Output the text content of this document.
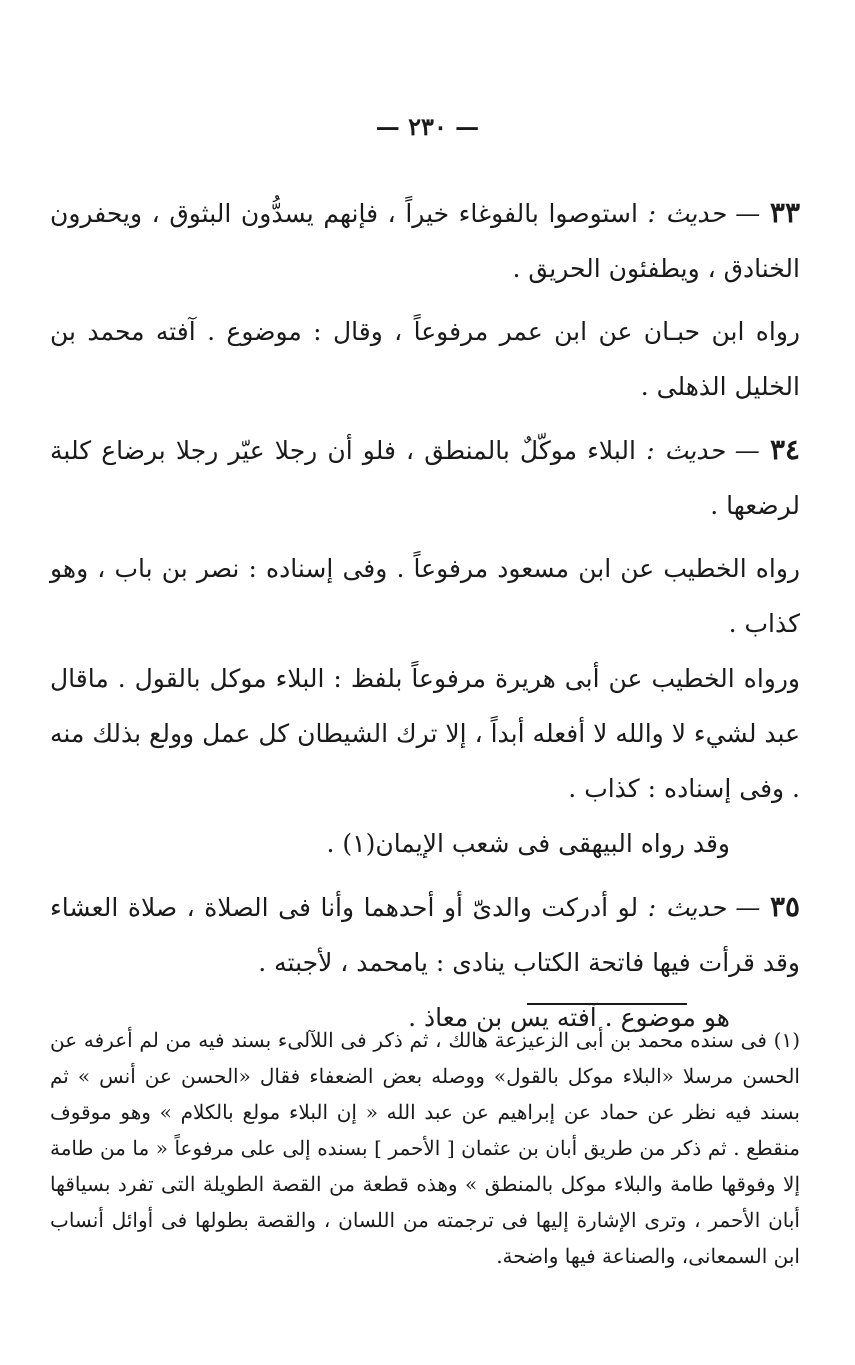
— ٢٣٠ —

٣٣ — حديث : استوصوا بالفوغاء خيراً ، فإنهم يسدُّون البثوق ، ويحفرون الخنادق ، ويطفئون الحريق .

رواه ابن حبـان عن ابن عمر مرفوعاً ، وقال : موضوع . آفته محمد بن الخليل الذهلى .

٣٤ — حديث : البلاء موكّلٌ بالمنطق ، فلو أن رجلا عيّر رجلا برضاع كلبة لرضعها .

رواه الخطيب عن ابن مسعود مرفوعاً . وفى إسناده : نصر بن باب ، وهو كذاب .

ورواه الخطيب عن أبى هريرة مرفوعاً بلفظ : البلاء موكل بالقول . ماقال عبد لشيء لا والله لا أفعله أبداً ، إلا ترك الشيطان كل عمل وولع بذلك منه . وفى إسناده : كذاب .

وقد رواه البيهقى فى شعب الإيمان(١) .

٣٥ — حديث : لو أدركت والدىّ أو أحدهما وأنا فى الصلاة ، صلاة العشاء وقد قرأت فيها فاتحة الكتاب ينادى : يامحمد ، لأجبته .

هو موضوع . آفته يس بن معاذ .

(١) فى سنده محمد بن أبى الزعيزعة هالك ، ثم ذكر فى اللآلىء بسند فيه من لم أعرفه عن الحسن مرسلا «البلاء موكل بالقول» ووصله بعض الضعفاء فقال «الحسن عن أنس » ثم بسند فيه نظر عن حماد عن إبراهيم عن عبد الله « إن البلاء مولع بالكلام » وهو موقوف منقطع . ثم ذكر من طريق أبان بن عثمان [ الأحمر ] بسنده إلى على مرفوعاً « ما من طامة إلا وفوقها طامة والبلاء موكل بالمنطق » وهذه قطعة من القصة الطويلة التى تفرد بسياقها أبان الأحمر ، وترى الإشارة إليها فى ترجمته من اللسان ، والقصة بطولها فى أوائل أنساب ابن السمعانى، والصناعة فيها واضحة.
